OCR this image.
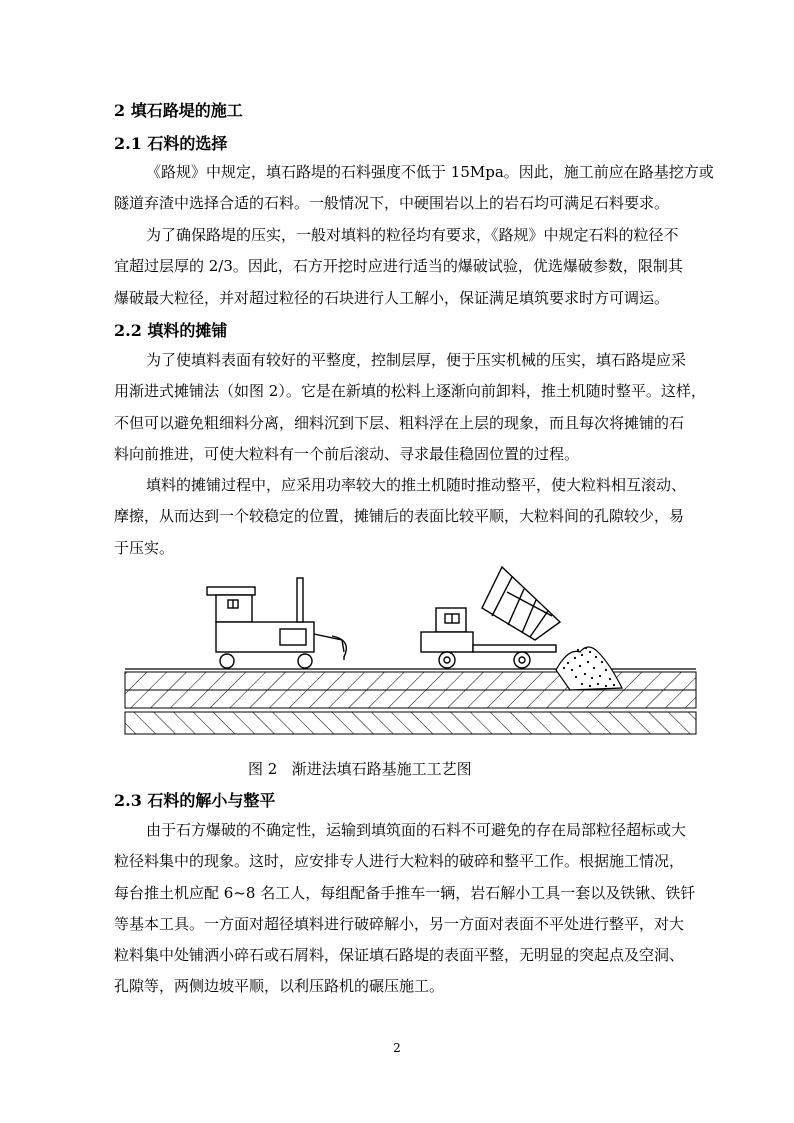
2 填石路堤的施工

2.1 石料的选择

《路规》中规定，填石路堤的石料强度不低于 15Mpa。因此，施工前应在路基挖方或
隧道弃渣中选择合适的石料。一般情况下，中硬围岩以上的岩石均可满足石料要求。

为了确保路堤的压实，一般对填料的粒径均有要求，《路规》中规定石料的粒径不
宜超过层厚的 2/3。因此，石方开挖时应进行适当的爆破试验，优选爆破参数，限制其
爆破最大粒径，并对超过粒径的石块进行人工解小，保证满足填筑要求时方可调运。

2.2 填料的摊铺

为了使填料表面有较好的平整度，控制层厚，便于压实机械的压实，填石路堤应采
用渐进式摊铺法（如图 2）。它是在新填的松料上逐渐向前卸料，推土机随时整平。这样，
不但可以避免粗细料分离，细料沉到下层、粗料浮在上层的现象，而且每次将摊铺的石
料向前推进，可使大粒料有一个前后滚动、寻求最佳稳固位置的过程。

填料的摊铺过程中，应采用功率较大的推土机随时推动整平，使大粒料相互滚动、
摩擦，从而达到一个较稳定的位置，摊铺后的表面比较平顺，大粒料间的孔隙较少，易
于压实。

图 2   渐进法填石路基施工工艺图

2.3 石料的解小与整平

由于石方爆破的不确定性，运输到填筑面的石料不可避免的存在局部粒径超标或大
粒径料集中的现象。这时，应安排专人进行大粒料的破碎和整平工作。根据施工情况，
每台推土机应配 6~8 名工人，每组配备手推车一辆，岩石解小工具一套以及铁锹、铁钎
等基本工具。一方面对超径填料进行破碎解小，另一方面对表面不平处进行整平，对大
粒料集中处铺洒小碎石或石屑料，保证填石路堤的表面平整，无明显的突起点及空洞、
孔隙等，两侧边坡平顺，以利压路机的碾压施工。

2
